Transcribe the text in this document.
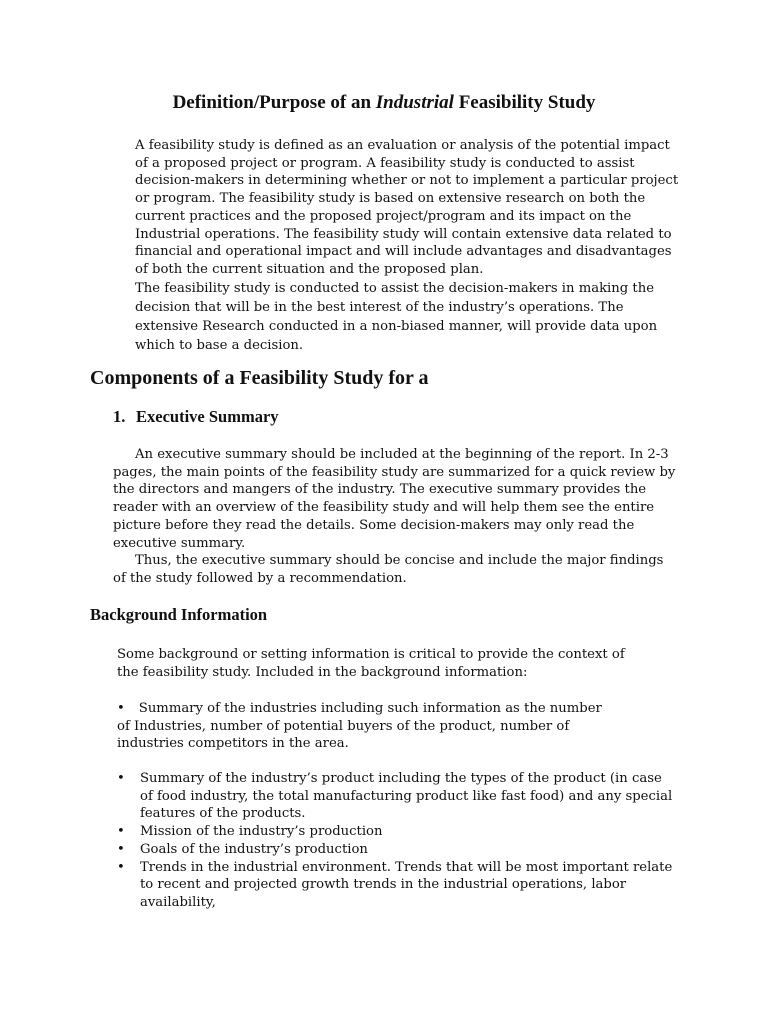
Definition/Purpose of an Industrial Feasibility Study

A feasibility study is defined as an evaluation or analysis of the potential impact of a proposed project or program. A feasibility study is conducted to assist decision-makers in determining whether or not to implement a particular project or program. The feasibility study is based on extensive research on both the current practices and the proposed project/program and its impact on the Industrial operations. The feasibility study will contain extensive data related to financial and operational impact and will include advantages and disadvantages of both the current situation and the proposed plan.

The feasibility study is conducted to assist the decision-makers in making the decision that will be in the best interest of the industry’s operations. The extensive Research conducted in a non-biased manner, will provide data upon which to base a decision.

Components of a Feasibility Study for a
1. Executive Summary

An executive summary should be included at the beginning of the report. In 2-3 pages, the main points of the feasibility study are summarized for a quick review by the directors and mangers of the industry. The executive summary provides the reader with an overview of the feasibility study and will help them see the entire picture before they read the details. Some decision-makers may only read the executive summary.

Thus, the executive summary should be concise and include the major findings of the study followed by a recommendation.

Background Information

Some background or setting information is critical to provide the context of the feasibility study. Included in the background information:

• Summary of the industries including such information as the number of Industries, number of potential buyers of the product, number of industries competitors in the area.

• Summary of the industry’s product including the types of the product (in case of food industry, the total manufacturing product like fast food) and any special features of the products.
• Mission of the industry’s production
• Goals of the industry’s production
• Trends in the industrial environment. Trends that will be most important relate to recent and projected growth trends in the industrial operations, labor availability,
